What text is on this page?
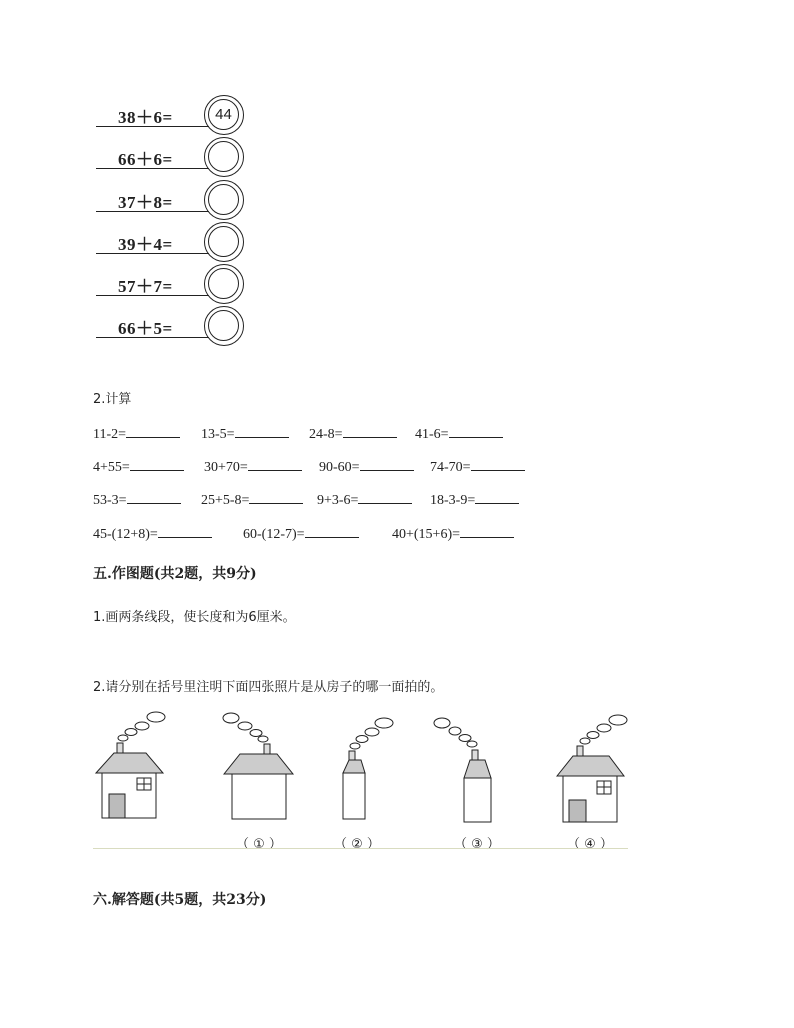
38＋6=	44
66＋6=
37＋8=
39＋4=
57＋7=
66＋5=
2.计算
11-2=	13-5=	24-8=	41-6=
4+55=	30+70=	90-60=	74-70=
53-3=	25+5-8=	9+3-6=	18-3-9=
45-(12+8)=	60-(12-7)=	40+(15+6)=
五.作图题(共2题，共9分)
1.画两条线段，使长度和为6厘米。
2.请分别在括号里注明下面四张照片是从房子的哪一面拍的。
（ ① ）	（ ② ）	（ ③ ）	（ ④ ）
六.解答题(共5题，共23分)
